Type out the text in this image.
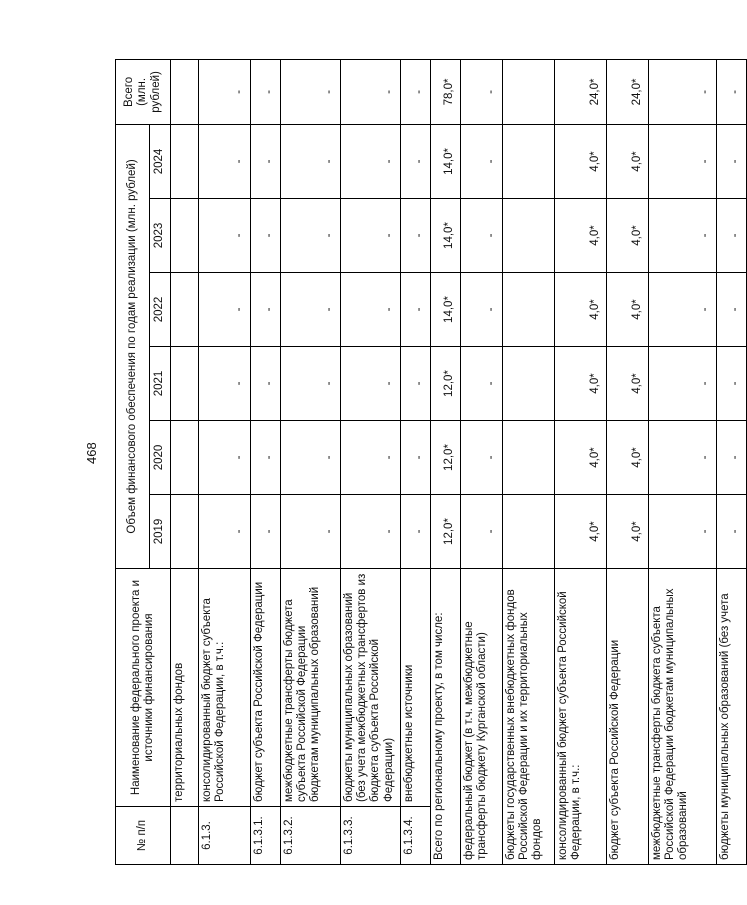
468
№ п/п	Наименование федерального проекта и источники финансирования	Объем финансового обеспечения по годам реализации (млн. рублей)						Всего (млн. рублей)
		2019	2020	2021	2022	2023	2024	
	территориальных фондов							
6.1.3.	консолидированный бюджет субъекта Российской Федерации, в т.ч.:	-	-	-	-	-	-	-
6.1.3.1.	бюджет субъекта Российской Федерации	-	-	-	-	-	-	-
6.1.3.2.	межбюджетные трансферты бюджета субъекта Российской Федерации бюджетам муниципальных образований	-	-	-	-	-	-	-
6.1.3.3.	бюджеты муниципальных образований (без учета межбюджетных трансфертов из бюджета субъекта Российской Федерации)	-	-	-	-	-	-	-
6.1.3.4.	внебюджетные источники	-	-	-	-	-	-	-
Всего по региональному проекту, в том числе:		12,0*	12,0*	12,0*	14,0*	14,0*	14,0*	78,0*
федеральный бюджет (в т.ч. межбюджетные трансферты бюджету Курганской области)		-	-	-	-	-	-	-
бюджеты государственных внебюджетных фондов Российской Федерации и их территориальных фондов								
консолидированный бюджет субъекта Российской Федерации, в т.ч.:		4,0*	4,0*	4,0*	4,0*	4,0*	4,0*	24,0*
бюджет субъекта Российской Федерации		4,0*	4,0*	4,0*	4,0*	4,0*	4,0*	24,0*
межбюджетные трансферты бюджета субъекта Российской Федерации бюджетам муниципальных образований		-	-	-	-	-	-	-
бюджеты муниципальных образований (без учета		-	-	-	-	-	-	-
